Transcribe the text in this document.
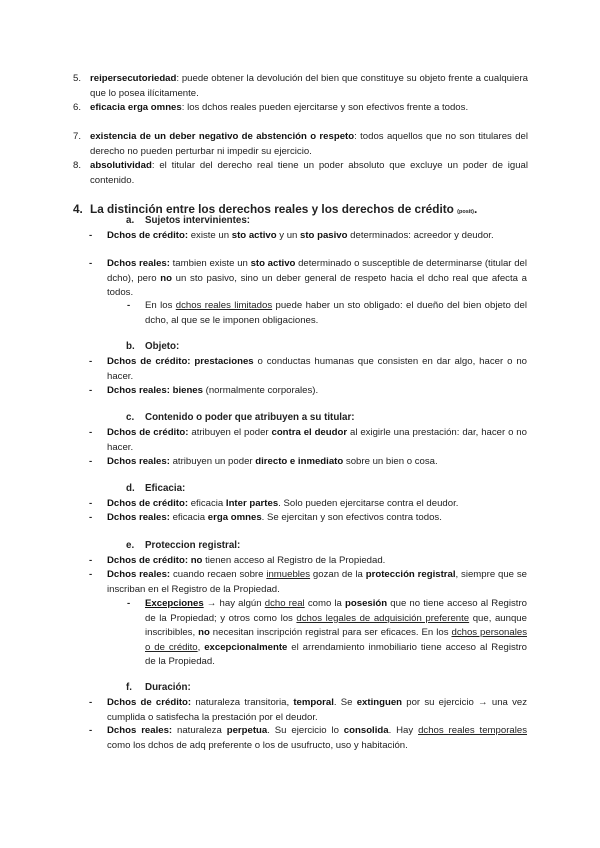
5. reipersecutoriedad: puede obtener la devolución del bien que constituye su objeto frente a cualquiera que lo posea ilícitamente.
6. eficacia erga omnes: los dchos reales pueden ejercitarse y son efectivos frente a todos.
7. existencia de un deber negativo de abstención o respeto: todos aquellos que no son titulares del derecho no pueden perturbar ni impedir su ejercicio.
8. absolutividad: el titular del derecho real tiene un poder absoluto que excluye un poder de igual contenido.
4. La distinción entre los derechos reales y los derechos de crédito (posit).
a. Sujetos intervinientes:
- Dchos de crédito: existe un sto activo y un sto pasivo determinados: acreedor y deudor.
- Dchos reales: tambien existe un sto activo determinado o susceptible de determinarse (titular del dcho), pero no un sto pasivo, sino un deber general de respeto hacia el dcho real que afecta a todos.
- En los dchos reales limitados puede haber un sto obligado: el dueño del bien objeto del dcho, al que se le imponen obligaciones.
b. Objeto:
- Dchos de crédito: prestaciones o conductas humanas que consisten en dar algo, hacer o no hacer.
- Dchos reales: bienes (normalmente corporales).
c. Contenido o poder que atribuyen a su titular:
- Dchos de crédito: atribuyen el poder contra el deudor al exigirle una prestación: dar, hacer o no hacer.
- Dchos reales: atribuyen un poder directo e inmediato sobre un bien o cosa.
d. Eficacia:
- Dchos de crédito: eficacia Inter partes. Solo pueden ejercitarse contra el deudor.
- Dchos reales: eficacia erga omnes. Se ejercitan y son efectivos contra todos.
e. Proteccion registral:
- Dchos de crédito: no tienen acceso al Registro de la Propiedad.
- Dchos reales: cuando recaen sobre inmuebles gozan de la protección registral, siempre que se inscriban en el Registro de la Propiedad.
- Excepciones → hay algún dcho real como la posesión que no tiene acceso al Registro de la Propiedad; y otros como los dchos legales de adquisición preferente que, aunque inscribibles, no necesitan inscripción registral para ser eficaces. En los dchos personales o de crédito, excepcionalmente el arrendamiento inmobiliario tiene acceso al Registro de la Propiedad.
f. Duración:
- Dchos de crédito: naturaleza transitoria, temporal. Se extinguen por su ejercicio → una vez cumplida o satisfecha la prestación por el deudor.
- Dchos reales: naturaleza perpetua. Su ejercicio lo consolida. Hay dchos reales temporales como los dchos de adq preferente o los de usufructo, uso y habitación.
